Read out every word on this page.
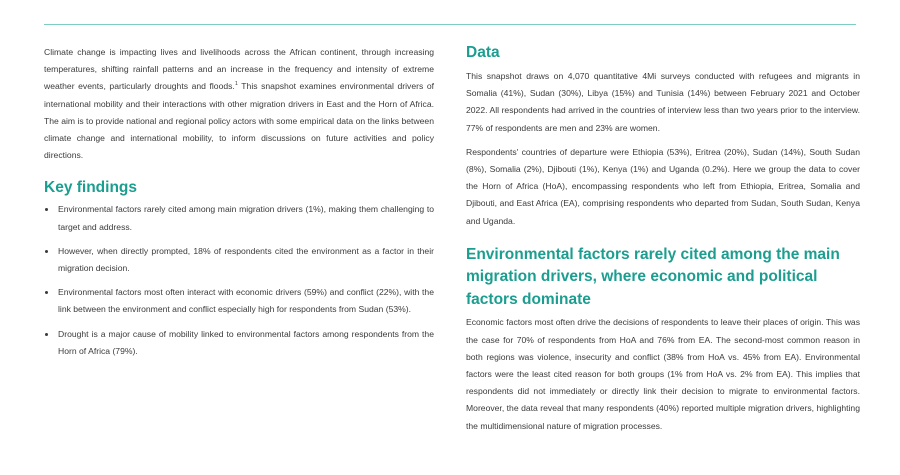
Climate change is impacting lives and livelihoods across the African continent, through increasing temperatures, shifting rainfall patterns and an increase in the frequency and intensity of extreme weather events, particularly droughts and floods.$^1$ This snapshot examines environmental drivers of international mobility and their interactions with other migration drivers in East and the Horn of Africa. The aim is to provide national and regional policy actors with some empirical data on the links between climate change and international mobility, to inform discussions on future activities and policy directions.

Key findings
Environmental factors rarely cited among main migration drivers (1%), making them challenging to target and address.
However, when directly prompted, 18% of respondents cited the environment as a factor in their migration decision.
Environmental factors most often interact with economic drivers (59%) and conflict (22%), with the link between the environment and conflict especially high for respondents from Sudan (53%).
Drought is a major cause of mobility linked to environmental factors among respondents from the Horn of Africa (79%).
Data

This snapshot draws on 4,070 quantitative 4Mi surveys conducted with refugees and migrants in Somalia (41%), Sudan (30%), Libya (15%) and Tunisia (14%) between February 2021 and October 2022. All respondents had arrived in the countries of interview less than two years prior to the interview. 77% of respondents are men and 23% are women.

Respondents' countries of departure were Ethiopia (53%), Eritrea (20%), Sudan (14%), South Sudan (8%), Somalia (2%), Djibouti (1%), Kenya (1%) and Uganda (0.2%). Here we group the data to cover the Horn of Africa (HoA), encompassing respondents who left from Ethiopia, Eritrea, Somalia and Djibouti, and East Africa (EA), comprising respondents who departed from Sudan, South Sudan, Kenya and Uganda.

Environmental factors rarely cited among the main migration drivers, where economic and political factors dominate

Economic factors most often drive the decisions of respondents to leave their places of origin. This was the case for 70% of respondents from HoA and 76% from EA. The second-most common reason in both regions was violence, insecurity and conflict (38% from HoA vs. 45% from EA). Environmental factors were the least cited reason for both groups (1% from HoA vs. 2% from EA). This implies that respondents did not immediately or directly link their decision to migrate to environmental factors. Moreover, the data reveal that many respondents (40%) reported multiple migration drivers, highlighting the multidimensional nature of migration processes.
